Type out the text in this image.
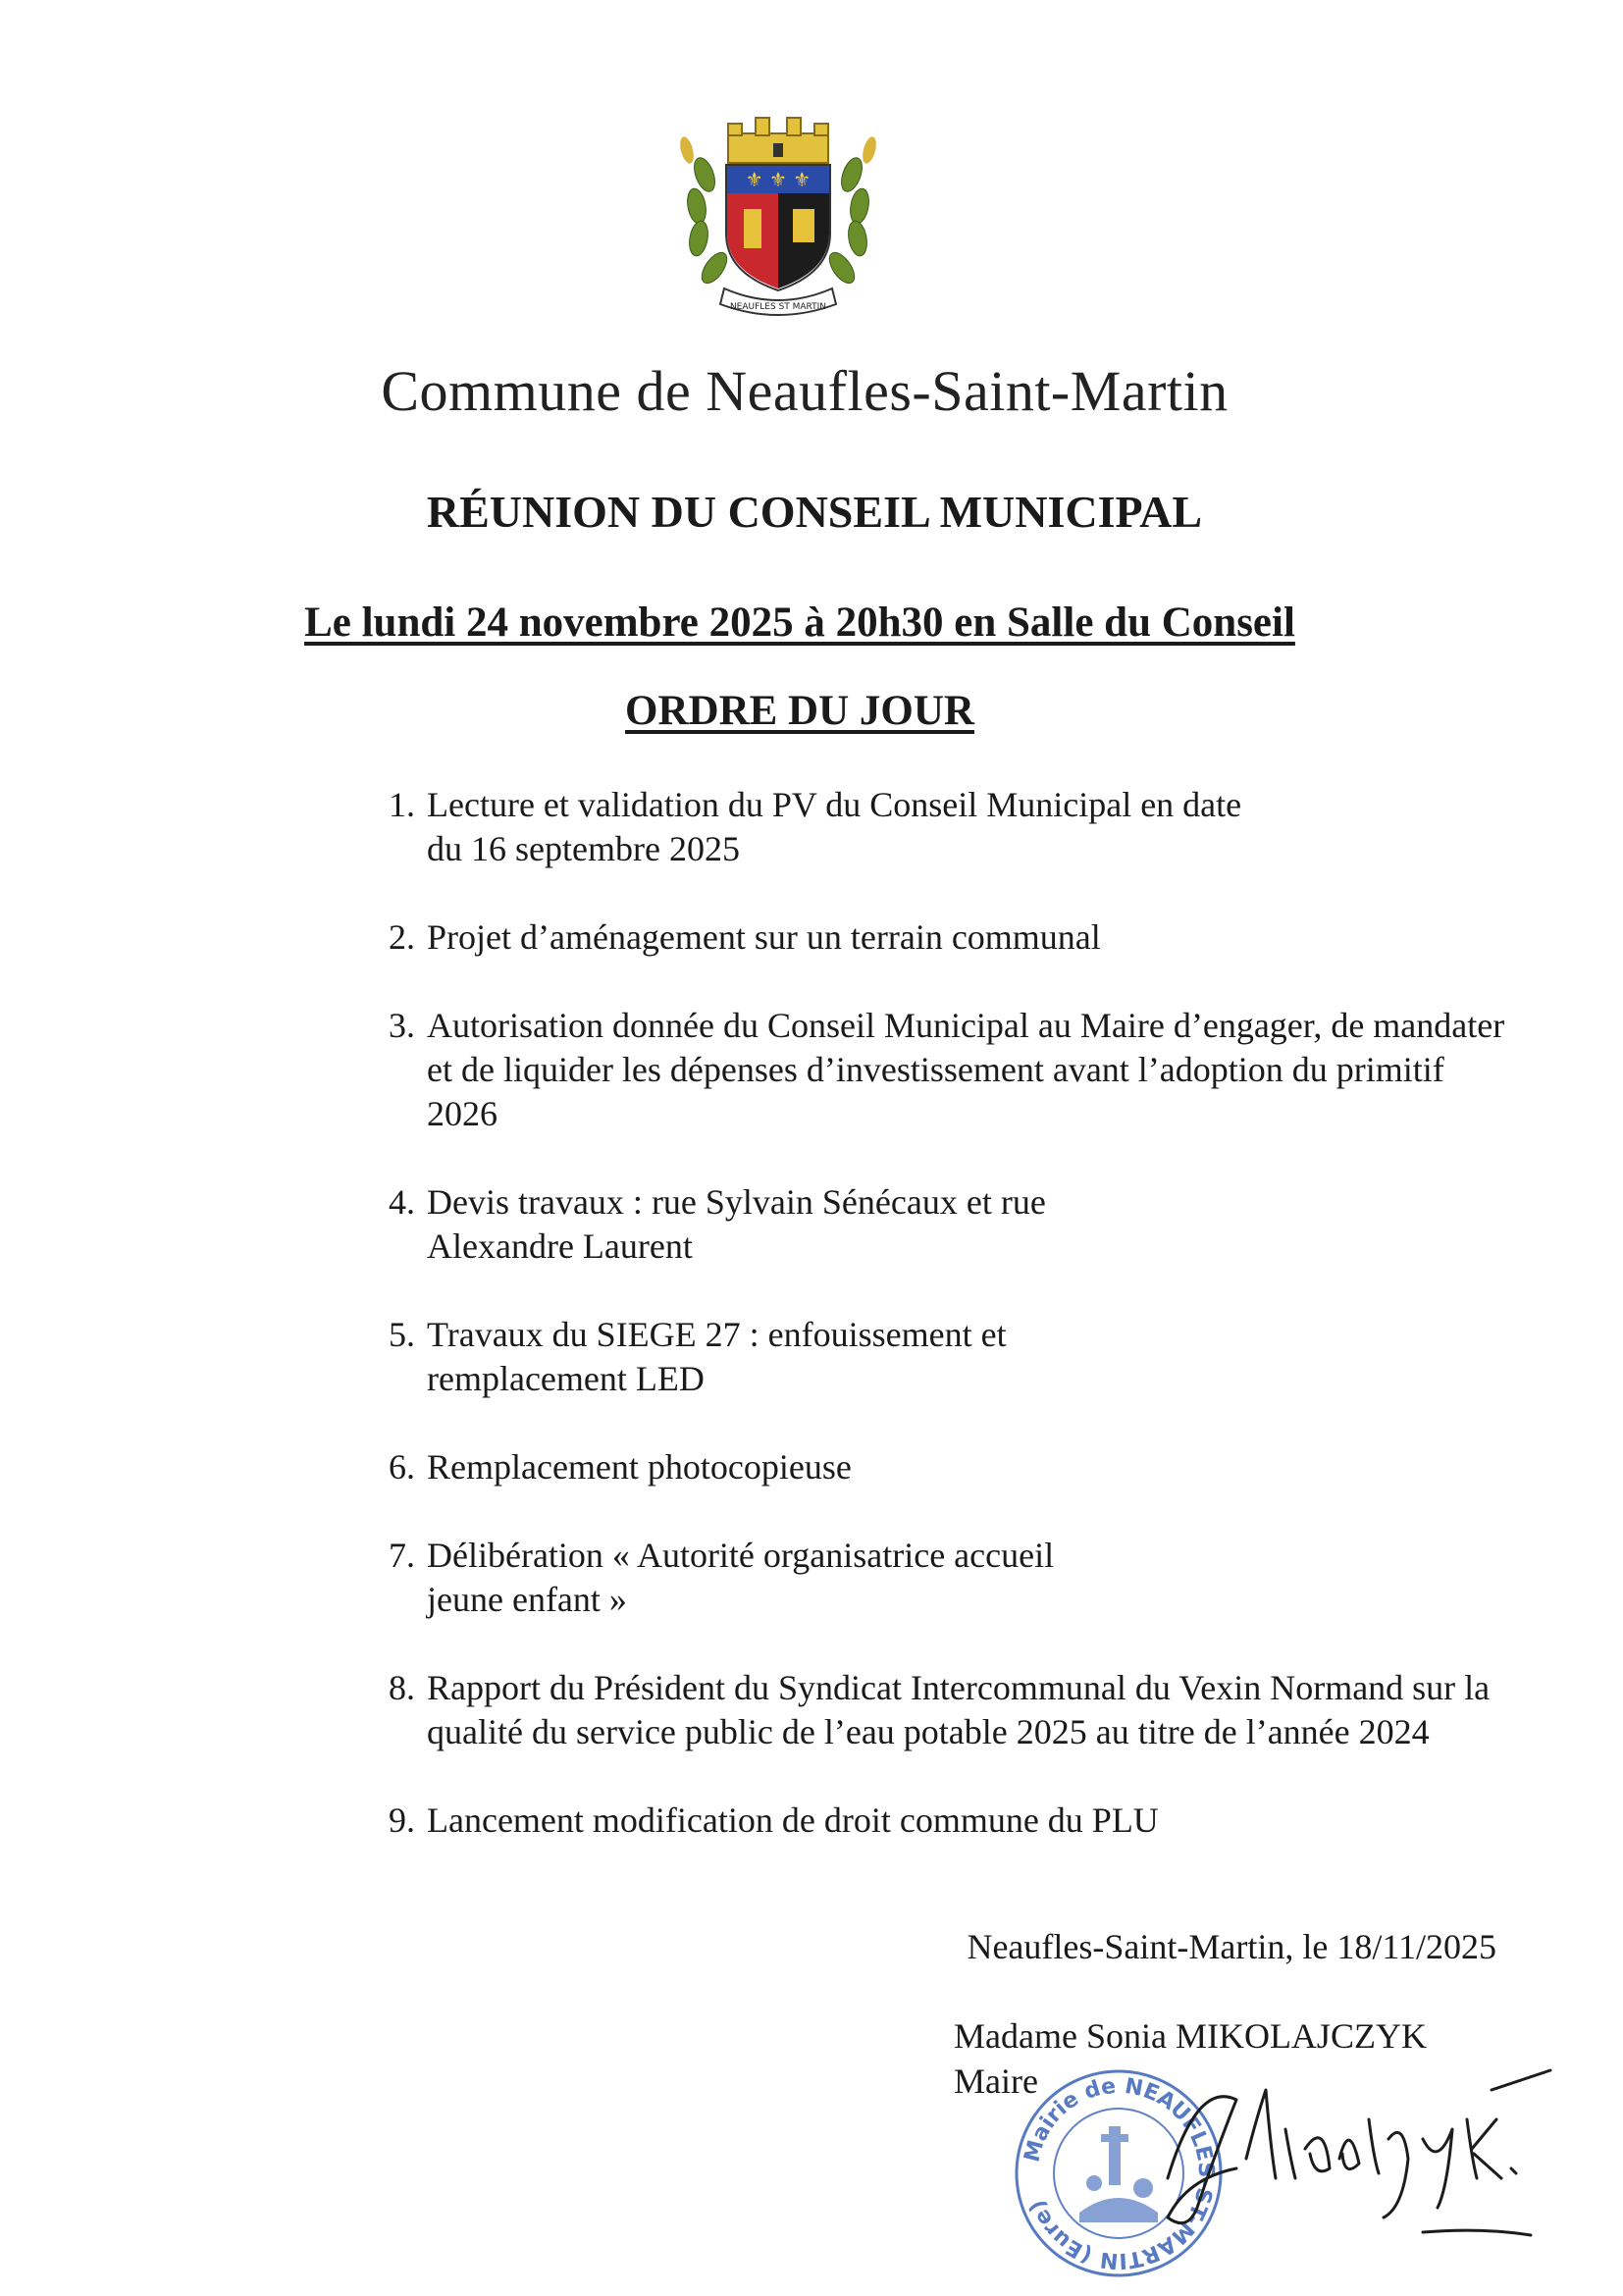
⚜ ⚜ ⚜
NEAUFLES ST MARTIN
Commune de Neaufles-Saint-Martin
RÉUNION DU CONSEIL MUNICIPAL
Le lundi 24 novembre 2025 à 20h30 en Salle du Conseil
ORDRE DU JOUR
1. Lecture et validation du PV du Conseil Municipal en date du 16 septembre 2025
2. Projet d’aménagement sur un terrain communal
3. Autorisation donnée du Conseil Municipal au Maire d’engager, de mandater et de liquider les dépenses d’investissement avant l’adoption du primitif 2026
4. Devis travaux : rue Sylvain Sénécaux et rue Alexandre Laurent
5. Travaux du SIEGE 27 : enfouissement et remplacement LED
6. Remplacement photocopieuse
7. Délibération « Autorité organisatrice accueil jeune enfant »
8. Rapport du Président du Syndicat Intercommunal du Vexin Normand sur la qualité du service public de l’eau potable 2025 au titre de l’année 2024
9. Lancement modification de droit commune du PLU
Neaufles-Saint-Martin, le 18/11/2025
Madame Sonia MIKOLAJCZYK
Maire
Mairie de NEAUFLES-ST-MARTIN (Eure)
